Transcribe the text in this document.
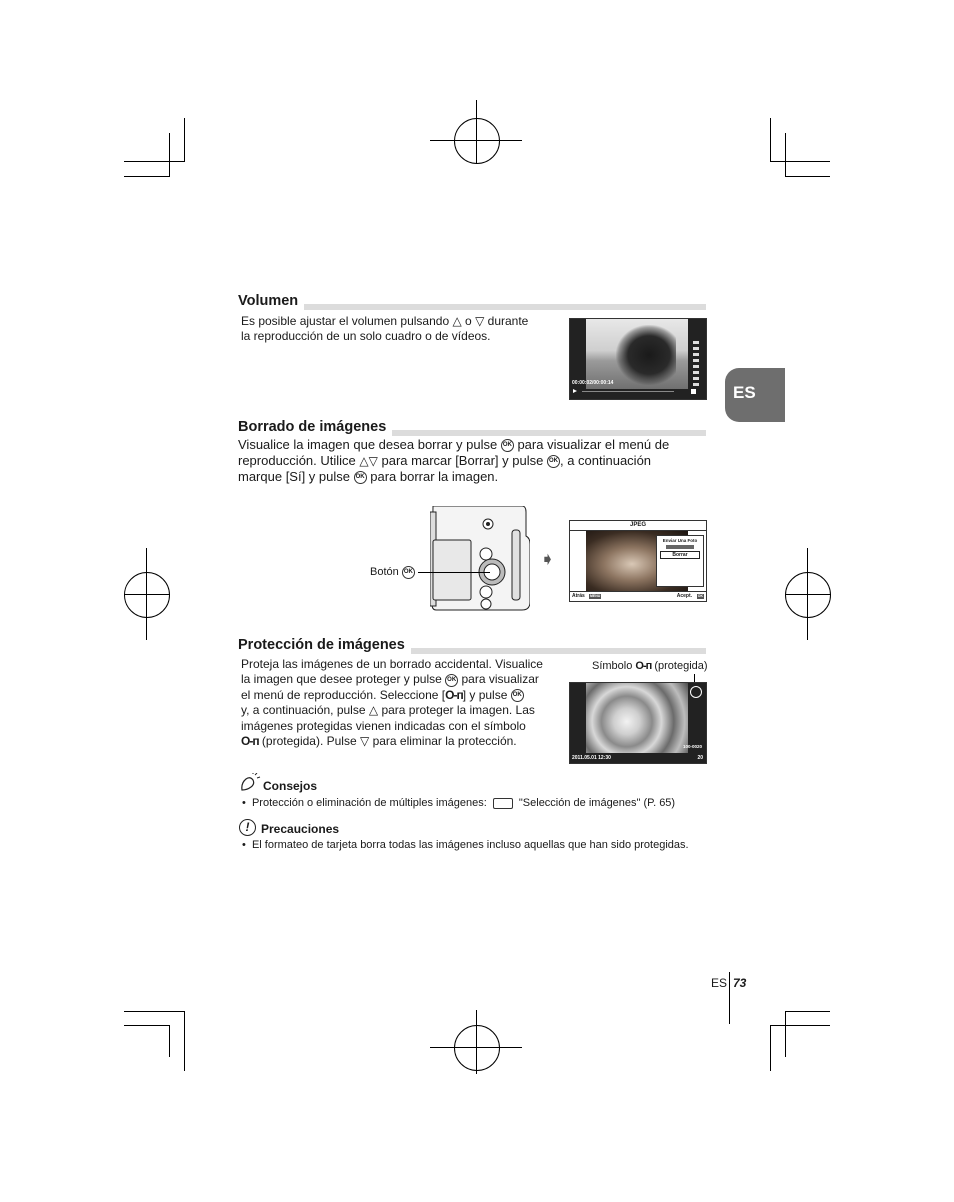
ES
Volumen
Es posible ajustar el volumen pulsando △ o ▽ durante
la reproducción de un solo cuadro o de vídeos.
00:00:02/00:00:14
Borrado de imágenes
Visualice la imagen que desea borrar y pulse OK para visualizar el menú de
reproducción. Utilice △▽ para marcar [Borrar] y pulse OK , a continuación
marque [Sí] y pulse OK para borrar la imagen.
Botón OK
➧
JPEG
Enviar Una Foto
Borrar
Atrás MENU	Acept. OK
Protección de imágenes
Proteja las imágenes de un borrado accidental. Visualice
la imagen que desee proteger y pulse OK para visualizar
el menú de reproducción. Seleccione [O-п] y pulse OK
y, a continuación, pulse △ para proteger la imagen. Las
imágenes protegidas vienen indicadas con el símbolo
O-п (protegida). Pulse ▽ para eliminar la protección.
Símbolo O-п (protegida)
100-0020
2011.05.01 12:30	20
Consejos
•  Protección o eliminación de múltiples imágenes:	"Selección de imágenes" (P. 65)
! Precauciones
•  El formateo de tarjeta borra todas las imágenes incluso aquellas que han sido protegidas.
ES 73
